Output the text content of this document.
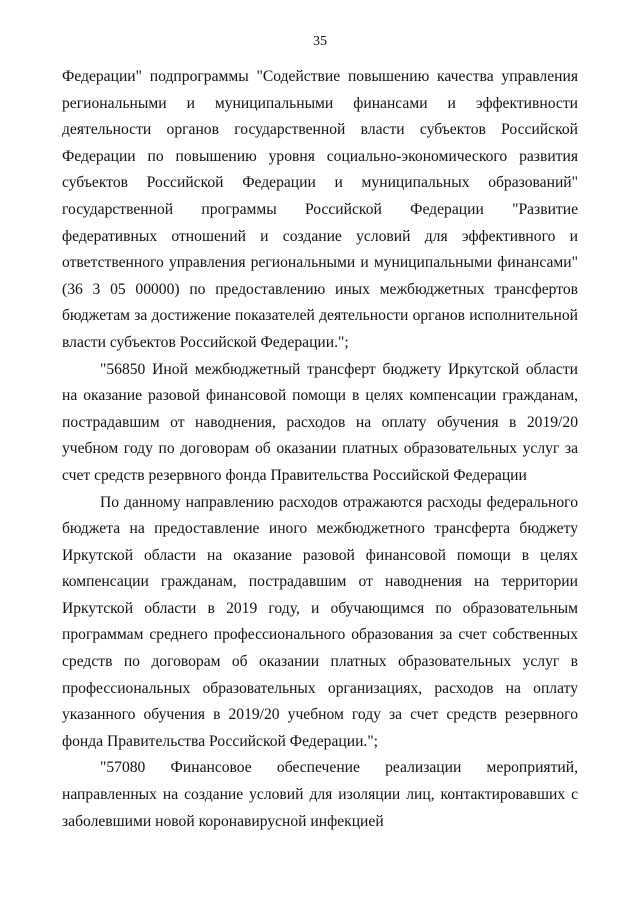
35

Федерации" подпрограммы "Содействие повышению качества управления региональными и муниципальными финансами и эффективности деятельности органов государственной власти субъектов Российской Федерации по повышению уровня социально-экономического развития субъектов Российской Федерации и муниципальных образований" государственной программы Российской Федерации "Развитие федеративных отношений и создание условий для эффективного и ответственного управления региональными и муниципальными финансами" (36 3 05 00000) по предоставлению иных межбюджетных трансфертов бюджетам за достижение показателей деятельности органов исполнительной власти субъектов Российской Федерации.";

"56850 Иной межбюджетный трансферт бюджету Иркутской области на оказание разовой финансовой помощи в целях компенсации гражданам, пострадавшим от наводнения, расходов на оплату обучения в 2019/20 учебном году по договорам об оказании платных образовательных услуг за счет средств резервного фонда Правительства Российской Федерации

По данному направлению расходов отражаются расходы федерального бюджета на предоставление иного межбюджетного трансферта бюджету Иркутской области на оказание разовой финансовой помощи в целях компенсации гражданам, пострадавшим от наводнения на территории Иркутской области в 2019 году, и обучающимся по образовательным программам среднего профессионального образования за счет собственных средств по договорам об оказании платных образовательных услуг в профессиональных образовательных организациях, расходов на оплату указанного обучения в 2019/20 учебном году за счет средств резервного фонда Правительства Российской Федерации.";

"57080 Финансовое обеспечение реализации мероприятий, направленных на создание условий для изоляции лиц, контактировавших с заболевшими новой коронавирусной инфекцией
